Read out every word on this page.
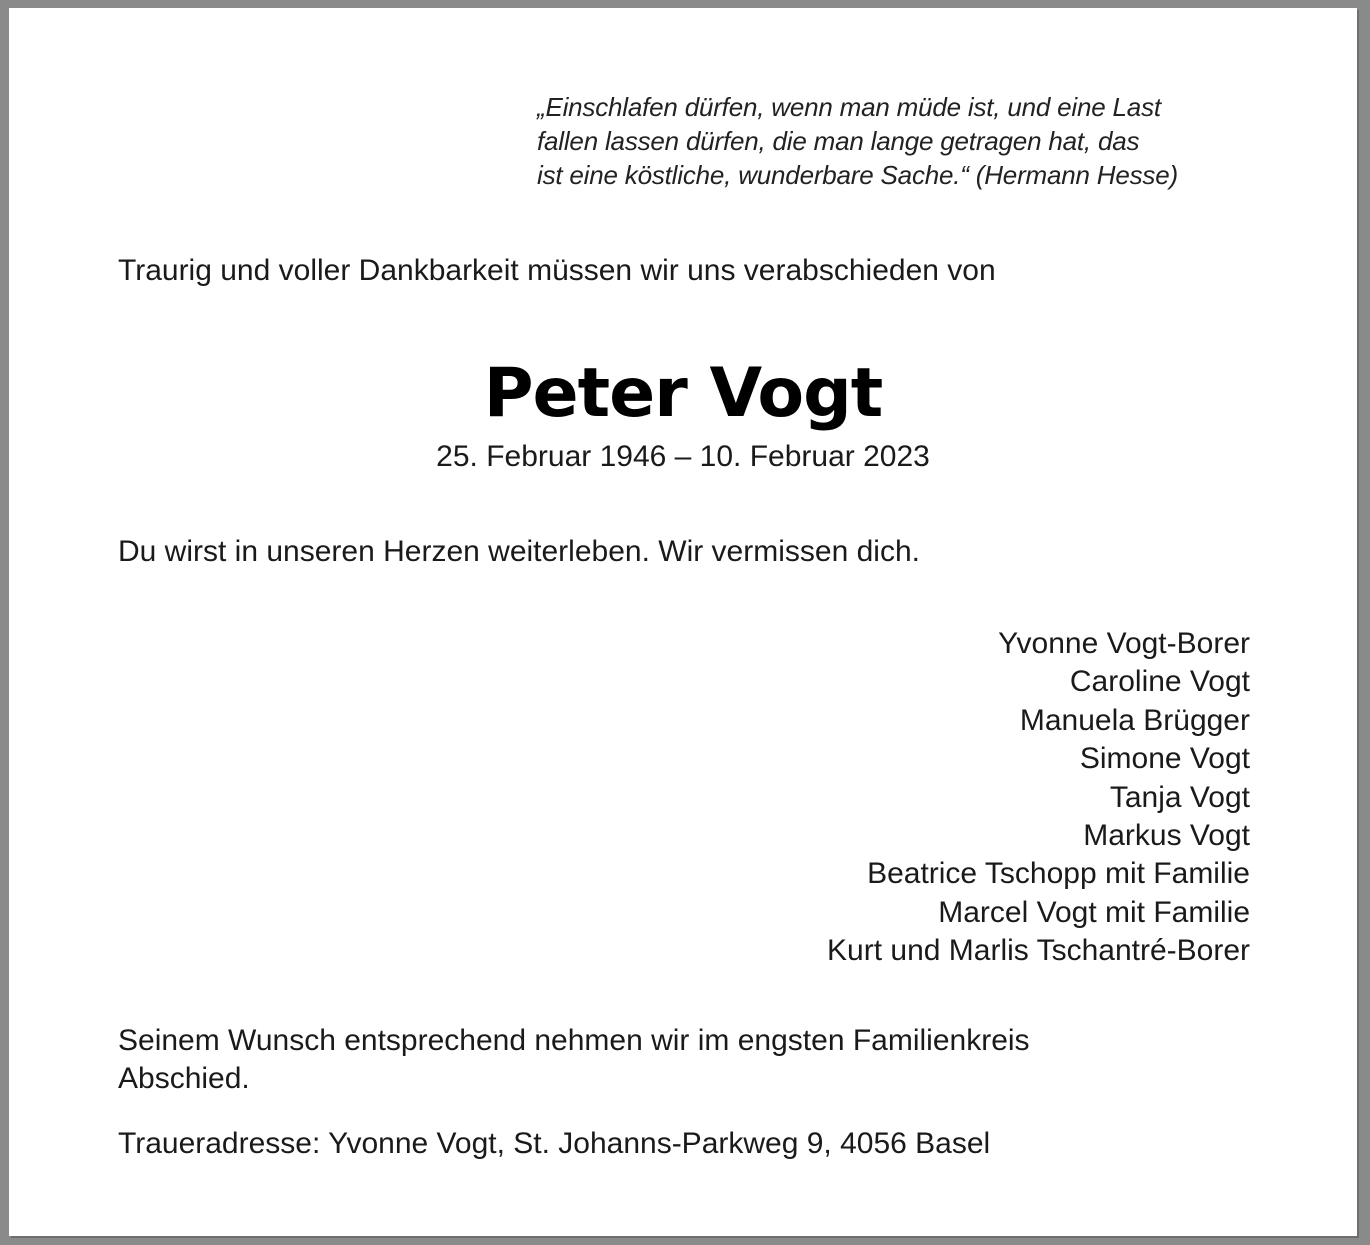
„Einschlafen dürfen, wenn man müde ist, und eine Last
fallen lassen dürfen, die man lange getragen hat, das
ist eine köstliche, wunderbare Sache.“ (Hermann Hesse)
Traurig und voller Dankbarkeit müssen wir uns verabschieden von
Peter Vogt
25. Februar 1946 – 10. Februar 2023
Du wirst in unseren Herzen weiterleben. Wir vermissen dich.
Yvonne Vogt-Borer
Caroline Vogt
Manuela Brügger
Simone Vogt
Tanja Vogt
Markus Vogt
Beatrice Tschopp mit Familie
Marcel Vogt mit Familie
Kurt und Marlis Tschantré-Borer
Seinem Wunsch entsprechend nehmen wir im engsten Familienkreis
Abschied.
Traueradresse: Yvonne Vogt, St. Johanns-Parkweg 9, 4056 Basel
